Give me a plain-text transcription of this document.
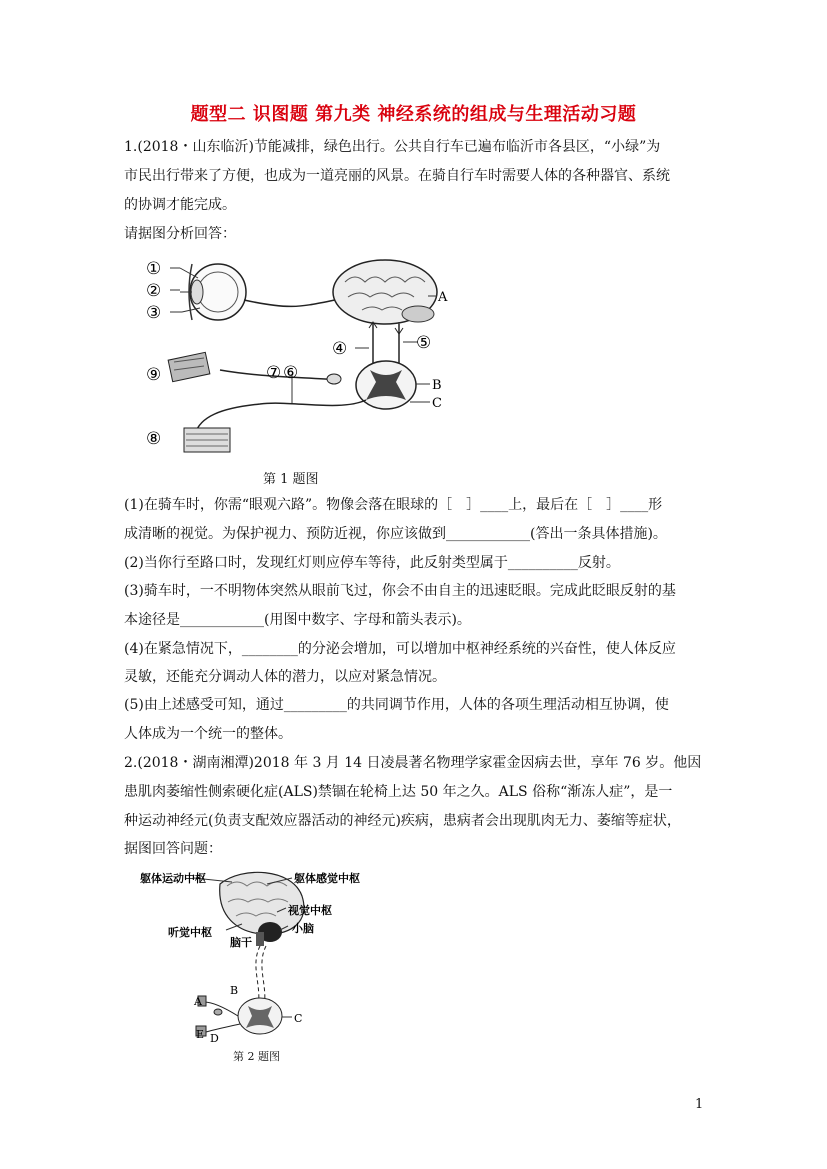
题型二 识图题 第九类 神经系统的组成与生理活动习题
1.(2018・山东临沂)节能减排，绿色出行。公共自行车已遍布临沂市各县区，“小绿”为
市民出行带来了方便，也成为一道亮丽的风景。在骑自行车时需要人体的各种器官、系统
的协调才能完成。
请据图分析回答：
①
②
③
④	⑤
⑥
⑦
⑧
⑨
A
B
C
第 1 题图
(1)在骑车时，你需“眼观六路”。物像会落在眼球的［　］____上，最后在［　］____形
成清晰的视觉。为保护视力、预防近视，你应该做到____________(答出一条具体措施)。
(2)当你行至路口时，发现红灯则应停车等待，此反射类型属于__________反射。
(3)骑车时，一不明物体突然从眼前飞过，你会不由自主的迅速眨眼。完成此眨眼反射的基
本途径是____________(用图中数字、字母和箭头表示)。
(4)在紧急情况下，________的分泌会增加，可以增加中枢神经系统的兴奋性，使人体反应
灵敏，还能充分调动人体的潜力，以应对紧急情况。
(5)由上述感受可知，通过_________的共同调节作用，人体的各项生理活动相互协调，使
人体成为一个统一的整体。
2.(2018・湖南湘潭)2018 年 3 月 14 日凌晨著名物理学家霍金因病去世，享年 76 岁。他因
患肌肉萎缩性侧索硬化症(ALS)禁锢在轮椅上达 50 年之久。ALS 俗称“渐冻人症”，是一
种运动神经元(负责支配效应器活动的神经元)疾病，患病者会出现肌肉无力、萎缩等症状，
据图回答问题：
躯体运动中枢	躯体感觉中枢
视觉中枢
听觉中枢	小脑
脑干
A
B
C
D
E
第 2 题图
1
